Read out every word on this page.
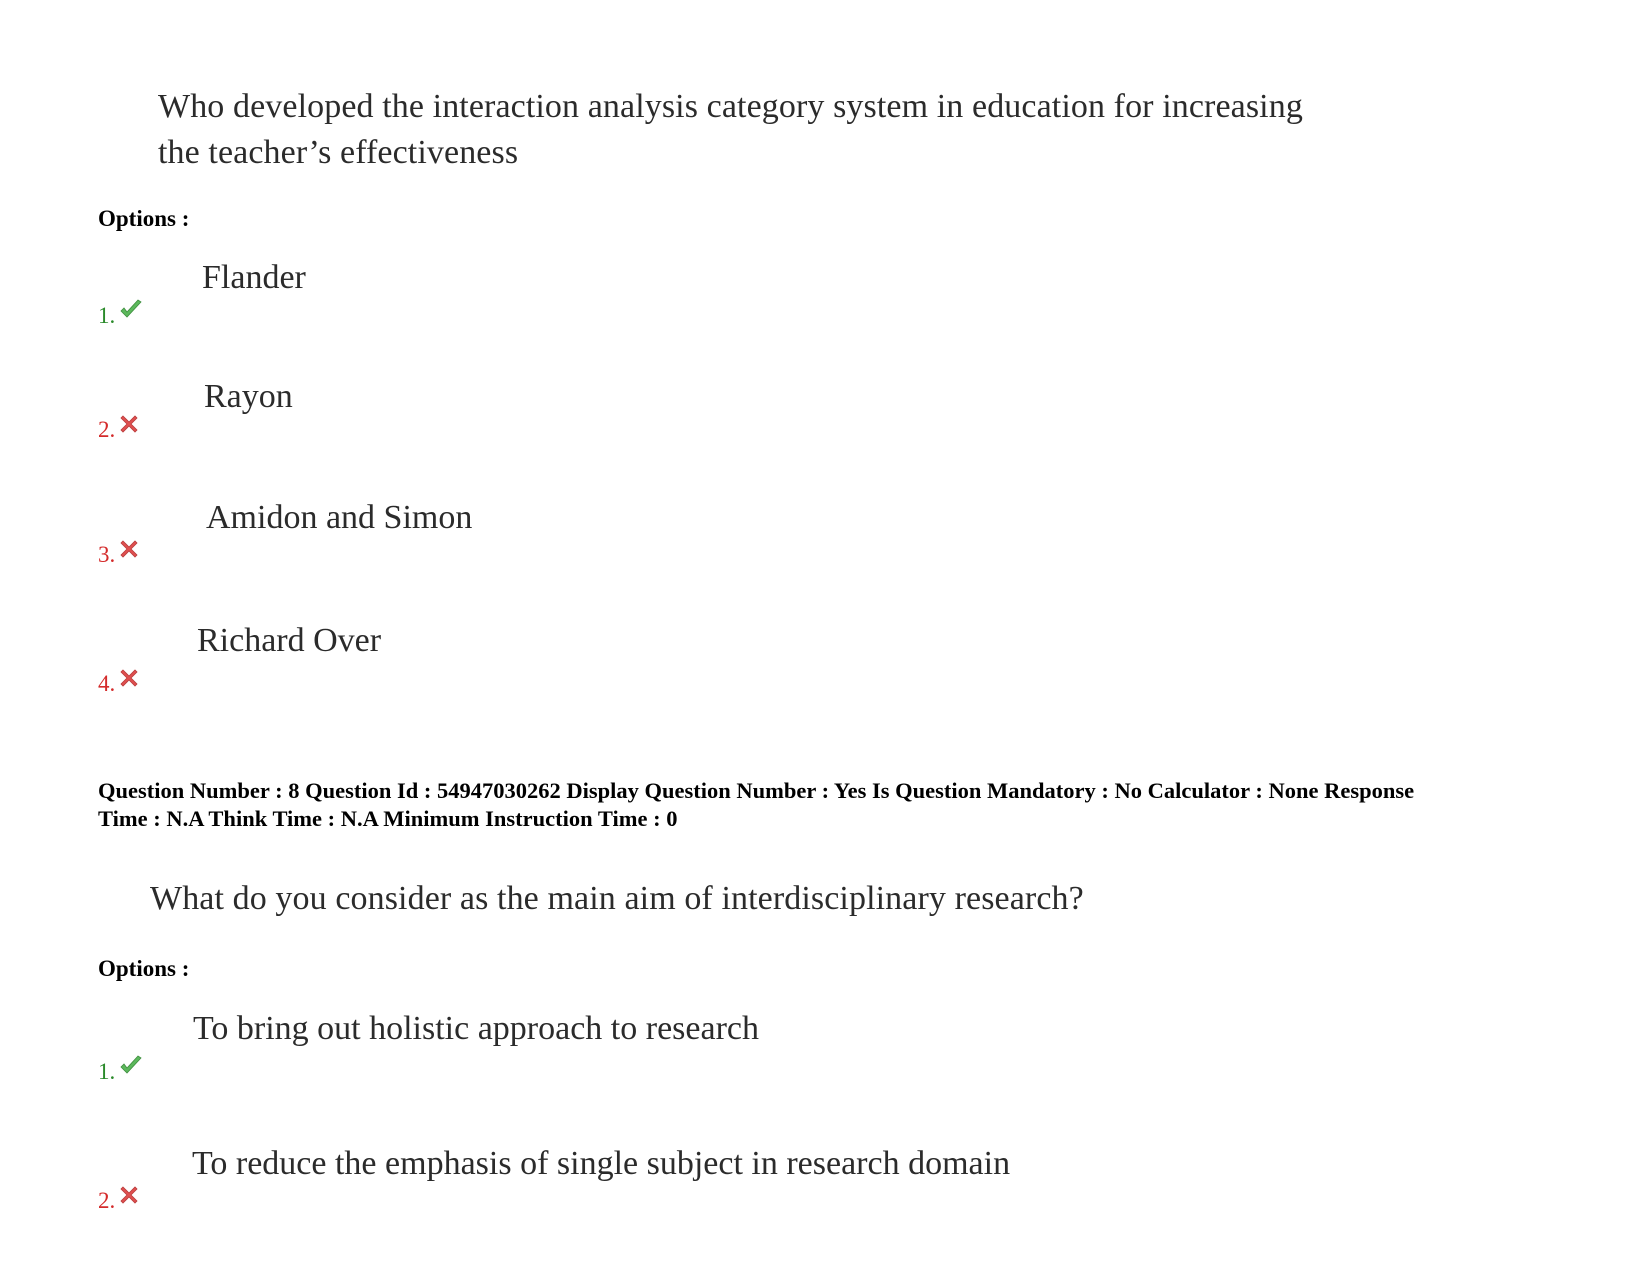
Who developed the interaction analysis category system in education for increasing
the teacher’s effectiveness
Options :
Flander
1.
Rayon
2.
Amidon and Simon
3.
Richard Over
4.
Question Number : 8 Question Id : 54947030262 Display Question Number : Yes Is Question Mandatory : No Calculator : None Response
Time : N.A Think Time : N.A Minimum Instruction Time : 0
What do you consider as the main aim of interdisciplinary research?
Options :
To bring out holistic approach to research
1.
To reduce the emphasis of single subject in research domain
2.
